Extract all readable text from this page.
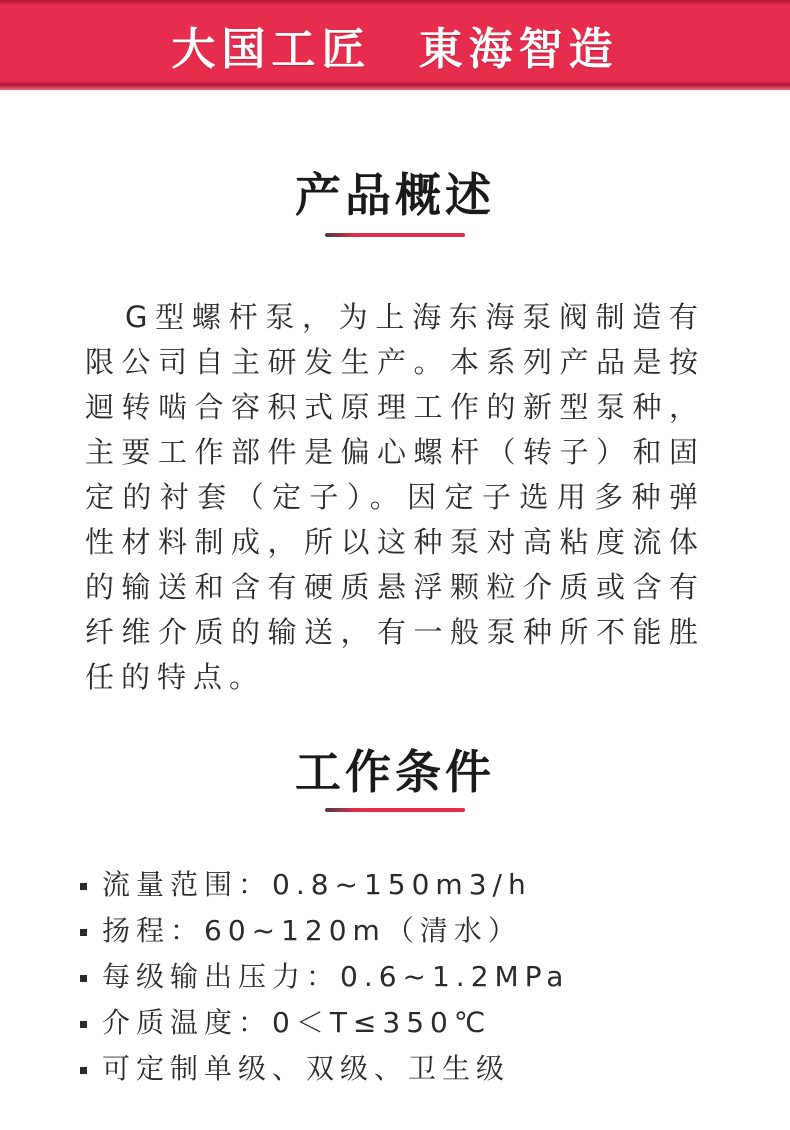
大国工匠 東海智造
产品概述

G型螺杆泵，为上海东海泵阀制造有限公司自主研发生产。本系列产品是按迴转啮合容积式原理工作的新型泵种，主要工作部件是偏心螺杆（转子）和固定的衬套（定子）。因定子选用多种弹性材料制成，所以这种泵对高粘度流体的输送和含有硬质悬浮颗粒介质或含有纤维介质的输送，有一般泵种所不能胜任的特点。

工作条件
流量范围：0.8~150m3/h
扬程：60~120m（清水）
每级输出压力：0.6~1.2MPa
介质温度：0＜T≤350℃
可定制单级、双级、卫生级
